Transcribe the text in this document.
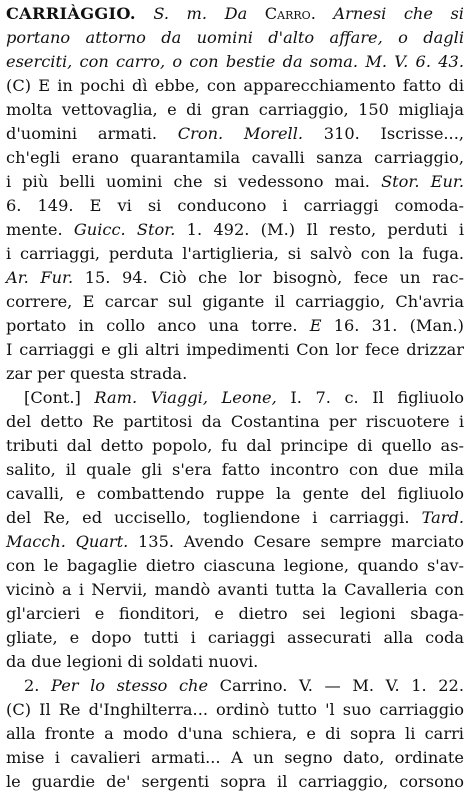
CARRIÀGGIO. S. m. Da Carro. Arnesi che si
portano attorno da uomini d'alto affare, o dagli
eserciti, con carro, o con bestie da soma. M. V. 6. 43.
(C) E in pochi dì ebbe, con apparecchiamento fatto di
molta vettovaglia, e di gran carriaggio, 150 migliaja
d'uomini armati. Cron. Morell. 310. Iscrisse...,
ch'egli erano quarantamila cavalli sanza carriaggio,
i più belli uomini che si vedessono mai. Stor. Eur.
6. 149. E vi si conducono i carriaggi comoda-
mente. Guicc. Stor. 1. 492. (M.) Il resto, perduti i
i carriaggi, perduta l'artiglieria, si salvò con la fuga.
Ar. Fur. 15. 94. Ciò che lor bisognò, fece un rac-
correre, E carcar sul gigante il carriaggio, Ch'avria
portato in collo anco una torre. E 16. 31. (Man.)
I carriaggi e gli altri impedimenti Con lor fece drizzar
zar per questa strada.
[Cont.] Ram. Viaggi, Leone, I. 7. c. Il figliuolo
del detto Re partitosi da Costantina per riscuotere i
tributi dal detto popolo, fu dal principe di quello as-
salito, il quale gli s'era fatto incontro con due mila
cavalli, e combattendo ruppe la gente del figliuolo
del Re, ed uccisello, togliendone i carriaggi. Tard.
Macch. Quart. 135. Avendo Cesare sempre marciato
con le bagaglie dietro ciascuna legione, quando s'av-
vicinò a i Nervii, mandò avanti tutta la Cavalleria con
gl'arcieri e fionditori, e dietro sei legioni sbaga-
gliate, e dopo tutti i cariaggi assecurati alla coda
da due legioni di soldati nuovi.
2. Per lo stesso che Carrino. V. — M. V. 1. 22.
(C) Il Re d'Inghilterra... ordinò tutto 'l suo carriaggio
alla fronte a modo d'una schiera, e di sopra li carri
mise i cavalieri armati... A un segno dato, ordinate
le guardie de' sergenti sopra il carriaggio, corsono
